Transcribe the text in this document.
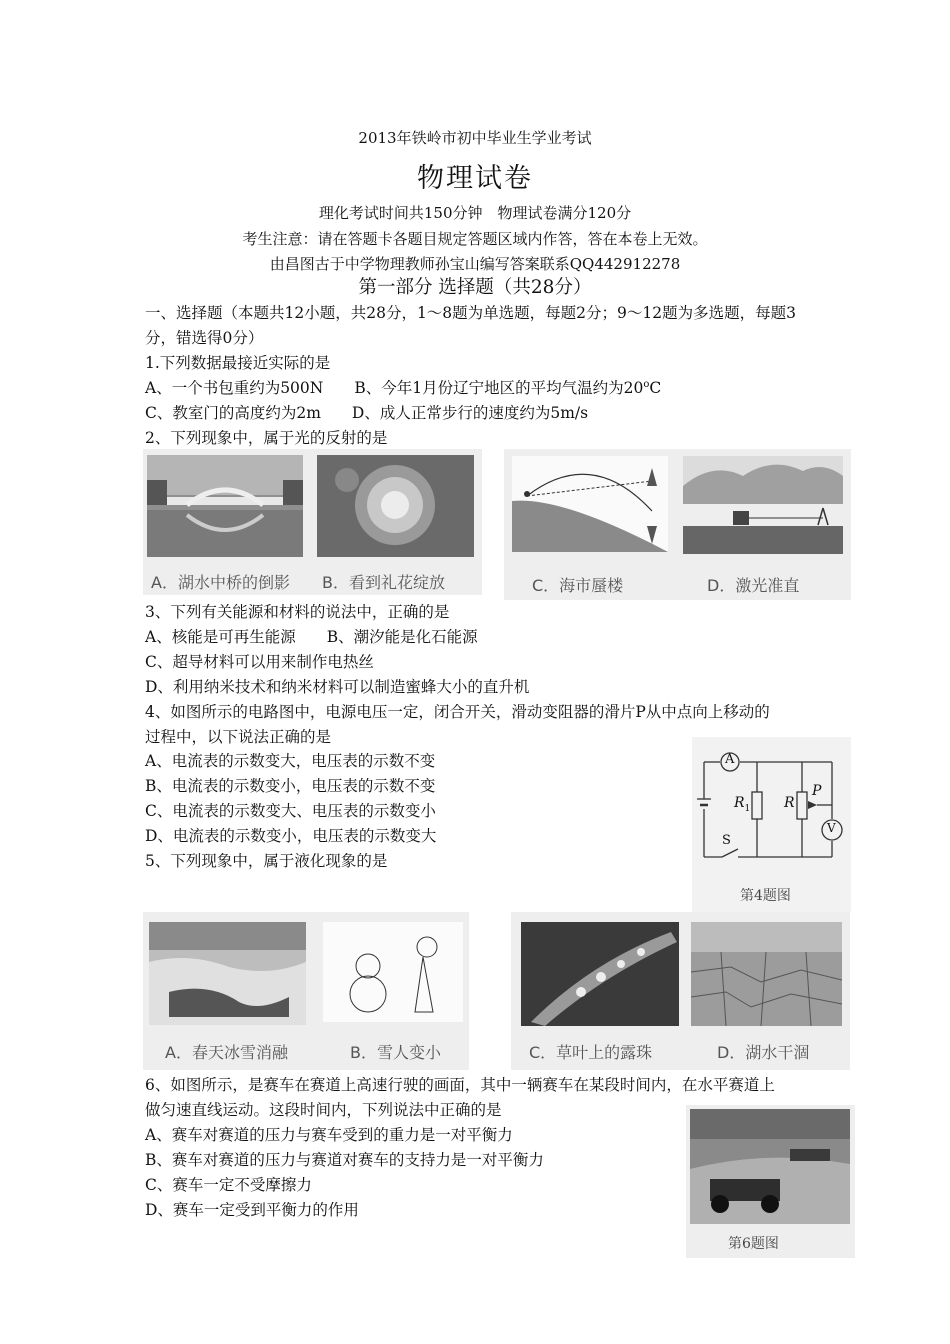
2013年铁岭市初中毕业生学业考试
物理试卷
理化考试时间共150分钟　物理试卷满分120分
考生注意：请在答题卡各题目规定答题区域内作答，答在本卷上无效。
由昌图古于中学物理教师孙宝山编写答案联系QQ442912278
第一部分 选择题（共28分）
一、选择题（本题共12小题，共28分，1～8题为单选题，每题2分；9～12题为多选题，每题3
分，错选得0分）
1.下列数据最接近实际的是
A、一个书包重约为500N　　B、今年1月份辽宁地区的平均气温约为20$^o$C
C、教室门的高度约为2m　　D、成人正常步行的速度约为5m/s
2、下列现象中，属于光的反射的是
A．湖水中桥的倒影 B．看到礼花绽放	C．海市蜃楼	D．激光准直
3、下列有关能源和材料的说法中，正确的是
A、核能是可再生能源　　B、潮汐能是化石能源
C、超导材料可以用来制作电热丝
D、利用纳米技术和纳米材料可以制造蜜蜂大小的直升机
4、如图所示的电路图中，电源电压一定，闭合开关，滑动变阻器的滑片P从中点向上移动的
过程中，以下说法正确的是
A、电流表的示数变大，电压表的示数不变
B、电流表的示数变小，电压表的示数不变
C、电流表的示数变大、电压表的示数变小
D、电流表的示数变小，电压表的示数变大
A
V
$R_1$ R
P
S
第4题图
5、下列现象中，属于液化现象的是
A．春天冰雪消融	B．雪人变小	C．草叶上的露珠	D．湖水干涸
6、如图所示，是赛车在赛道上高速行驶的画面，其中一辆赛车在某段时间内，在水平赛道上
做匀速直线运动。这段时间内，下列说法中正确的是
A、赛车对赛道的压力与赛车受到的重力是一对平衡力
B、赛车对赛道的压力与赛道对赛车的支持力是一对平衡力
C、赛车一定不受摩擦力
D、赛车一定受到平衡力的作用
第6题图
